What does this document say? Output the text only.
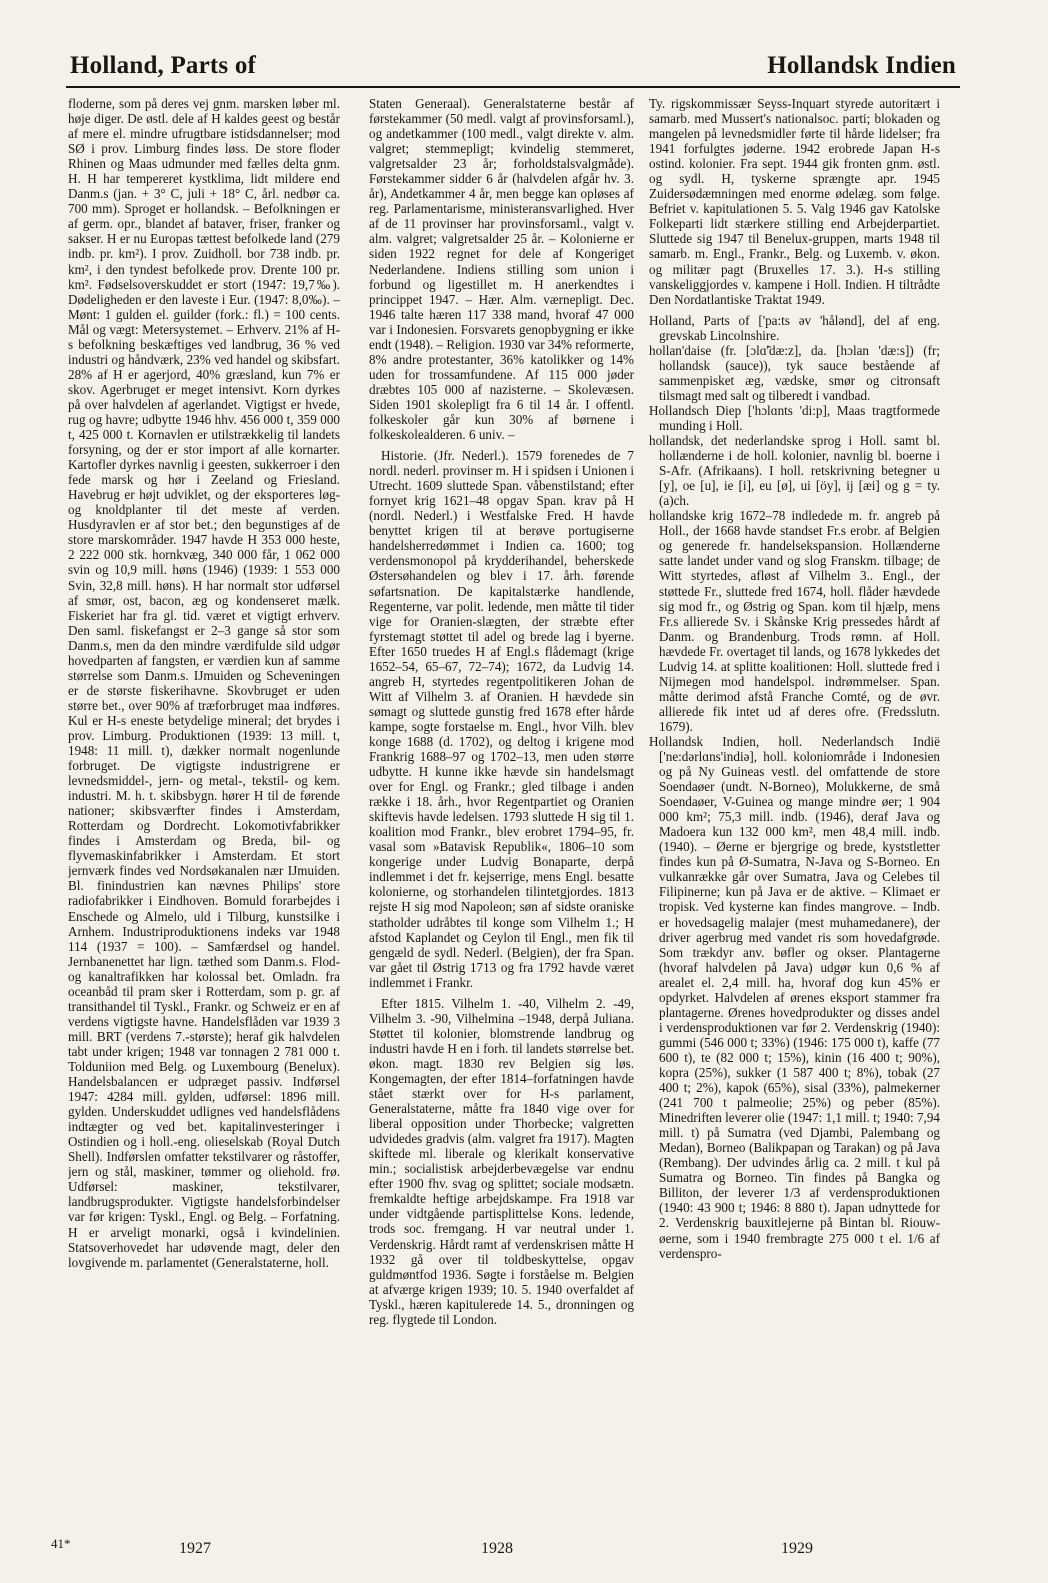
Holland, Parts of	Hollandsk Indien

floderne, som på deres vej gnm. marsken løber ml. høje diger. De østl. dele af H kaldes geest og består af mere el. mindre ufrugtbare istidsdannelser; mod SØ i prov. Limburg findes løss. De store floder Rhinen og Maas udmunder med fælles delta gnm. H. H har tempereret kystklima, lidt mildere end Danm.s (jan. + 3° C, juli + 18° C, årl. nedbør ca. 700 mm). Sproget er hollandsk. – Befolkningen er af germ. opr., blandet af bataver, friser, franker og sakser. H er nu Europas tættest befolkede land (279 indb. pr. km²). I prov. Zuidholl. bor 738 indb. pr. km², i den tyndest befolkede prov. Drente 100 pr. km². Fødselsoverskuddet er stort (1947: 19,7‰). Dødeligheden er den laveste i Eur. (1947: 8,0‰). – Mønt: 1 gulden el. guilder (fork.: fl.) = 100 cents. Mål og vægt: Metersystemet. – Erhverv. 21% af H-s befolkning beskæftiges ved landbrug, 36 % ved industri og håndværk, 23% ved handel og skibsfart. 28% af H er agerjord, 40% græsland, kun 7% er skov. Agerbruget er meget intensivt. Korn dyrkes på over halvdelen af agerlandet. Vigtigst er hvede, rug og havre; udbytte 1946 hhv. 456 000 t, 359 000 t, 425 000 t. Kornavlen er utilstrækkelig til landets forsyning, og der er stor import af alle kornarter. Kartofler dyrkes navnlig i geesten, sukkerroer i den fede marsk og hør i Zeeland og Friesland. Havebrug er højt udviklet, og der eksporteres løg- og knoldplanter til det meste af verden. Husdyravlen er af stor bet.; den begunstiges af de store marskområder. 1947 havde H 353 000 heste, 2 222 000 stk. hornkvæg, 340 000 får, 1 062 000 svin og 10,9 mill. høns (1946) (1939: 1 553 000 Svin, 32,8 mill. høns). H har normalt stor udførsel af smør, ost, bacon, æg og kondenseret mælk. Fiskeriet har fra gl. tid. været et vigtigt erhverv. Den saml. fiskefangst er 2–3 gange så stor som Danm.s, men da den mindre værdifulde sild udgør hovedparten af fangsten, er værdien kun af samme størrelse som Danm.s. IJmuiden og Scheveningen er de største fiskerihavne. Skovbruget er uden større bet., over 90% af træforbruget maa indføres. Kul er H-s eneste betydelige mineral; det brydes i prov. Limburg. Produktionen (1939: 13 mill. t, 1948: 11 mill. t), dækker normalt nogenlunde forbruget. De vigtigste industrigrene er levnedsmiddel-, jern- og metal-, tekstil- og kem. industri. M. h. t. skibsbygn. hører H til de førende nationer; skibsværfter findes i Amsterdam, Rotterdam og Dordrecht. Lokomotivfabrikker findes i Amsterdam og Breda, bil- og flyvemaskinfabrikker i Amsterdam. Et stort jernværk findes ved Nordsøkanalen nær IJmuiden. Bl. finindustrien kan nævnes Philips' store radiofabrikker i Eindhoven. Bomuld forarbejdes i Enschede og Almelo, uld i Tilburg, kunstsilke i Arnhem. Industriproduktionens indeks var 1948 114 (1937 = 100). – Samfærdsel og handel. Jernbanenettet har lign. tæthed som Danm.s. Flod- og kanaltrafikken har kolossal bet. Omladn. fra oceanbåd til pram sker i Rotterdam, som p. gr. af transithandel til Tyskl., Frankr. og Schweiz er en af verdens vigtigste havne. Handelsflåden var 1939 3 mill. BRT (verdens 7.-største); heraf gik halvdelen tabt under krigen; 1948 var tonnagen 2 781 000 t. Tolduniion med Belg. og Luxembourg (Benelux). Handelsbalancen er udpræget passiv. Indførsel 1947: 4284 mill. gylden, udførsel: 1896 mill. gylden. Underskuddet udlignes ved handelsflådens indtægter og ved bet. kapitalinvesteringer i Ostindien og i holl.-eng. olieselskab (Royal Dutch Shell). Indførslen omfatter tekstilvarer og råstoffer, jern og stål, maskiner, tømmer og oliehold. frø. Udførsel: maskiner, tekstilvarer, landbrugsprodukter. Vigtigste handelsforbindelser var før krigen: Tyskl., Engl. og Belg. – Forfatning. H er arveligt monarki, også i kvindelinien. Statsoverhovedet har udøvende magt, deler den lovgivende m. parlamentet (Generalstaterne, holl.

Staten Generaal). Generalstaterne består af førstekammer (50 medl. valgt af provinsforsaml.), og andetkammer (100 medl., valgt direkte v. alm. valgret; stemmepligt; kvindelig stemmeret, valgretsalder 23 år; forholdstalsvalgmåde). Førstekammer sidder 6 år (halvdelen afgår hv. 3. år), Andetkammer 4 år, men begge kan opløses af reg. Parlamentarisme, ministeransvarlighed. Hver af de 11 provinser har provinsforsaml., valgt v. alm. valgret; valgretsalder 25 år. – Kolonierne er siden 1922 regnet for dele af Kongeriget Nederlandene. Indiens stilling som union i forbund og ligestillet m. H anerkendtes i princippet 1947. – Hær. Alm. værnepligt. Dec. 1946 talte hæren 117 338 mand, hvoraf 47 000 var i Indonesien. Forsvarets genopbygning er ikke endt (1948). – Religion. 1930 var 34% reformerte, 8% andre protestanter, 36% katolikker og 14% uden for trossamfundene. Af 115 000 jøder dræbtes 105 000 af nazisterne. – Skolevæsen. Siden 1901 skolepligt fra 6 til 14 år. I offentl. folkeskoler går kun 30% af børnene i folkeskolealderen. 6 univ. –

Historie. (Jfr. Nederl.). 1579 forenedes de 7 nordl. nederl. provinser m. H i spidsen i Unionen i Utrecht. 1609 sluttede Span. våbenstilstand; efter fornyet krig 1621–48 opgav Span. krav på H (nordl. Nederl.) i Westfalske Fred. H havde benyttet krigen til at berøve portugiserne handelsherredømmet i Indien ca. 1600; tog verdensmonopol på krydderihandel, beherskede Østersøhandelen og blev i 17. årh. førende søfartsnation. De kapitalstærke handlende, Regenterne, var polit. ledende, men måtte til tider vige for Oranien-slægten, der stræbte efter fyrstemagt støttet til adel og brede lag i byerne. Efter 1650 truedes H af Engl.s flådemagt (krige 1652–54, 65–67, 72–74); 1672, da Ludvig 14. angreb H, styrtedes regentpolitikeren Johan de Witt af Vilhelm 3. af Oranien. H hævdede sin sømagt og sluttede gunstig fred 1678 efter hårde kampe, sogte forstaelse m. Engl., hvor Vilh. blev konge 1688 (d. 1702), og deltog i krigene mod Frankrig 1688–97 og 1702–13, men uden større udbytte. H kunne ikke hævde sin handelsmagt over for Engl. og Frankr.; gled tilbage i anden række i 18. årh., hvor Regentpartiet og Oranien skiftevis havde ledelsen. 1793 sluttede H sig til 1. koalition mod Frankr., blev erobret 1794–95, fr. vasal som »Batavisk Republik«, 1806–10 som kongerige under Ludvig Bonaparte, derpå indlemmet i det fr. kejserrige, mens Engl. besatte kolonierne, og storhandelen tilintetgjordes. 1813 rejste H sig mod Napoleon; søn af sidste oraniske statholder udråbtes til konge som Vilhelm 1.; H afstod Kaplandet og Ceylon til Engl., men fik til gengæld de sydl. Nederl. (Belgien), der fra Span. var gået til Østrig 1713 og fra 1792 havde været indlemmet i Frankr.

Efter 1815. Vilhelm 1. -40, Vilhelm 2. -49, Vilhelm 3. -90, Vilhelmina –1948, derpå Juliana. Støttet til kolonier, blomstrende landbrug og industri havde H en i forh. til landets størrelse bet. økon. magt. 1830 rev Belgien sig løs. Kongemagten, der efter 1814–forfatningen havde stået stærkt over for H-s parlament, Generalstaterne, måtte fra 1840 vige over for liberal opposition under Thorbecke; valgretten udvidedes gradvis (alm. valgret fra 1917). Magten skiftede ml. liberale og klerikalt konservative min.; socialistisk arbejderbevægelse var endnu efter 1900 fhv. svag og splittet; sociale modsætn. fremkaldte heftige arbejdskampe. Fra 1918 var under vidtgående partisplittelse Kons. ledende, trods soc. fremgang. H var neutral under 1. Verdenskrig. Hårdt ramt af verdenskrisen måtte H 1932 gå over til toldbeskyttelse, opgav guldmøntfod 1936. Søgte i forståelse m. Belgien at afværge krigen 1939; 10. 5. 1940 overfaldet af Tyskl., hæren kapitulerede 14. 5., dronningen og reg. flygtede til London.

Ty. rigskommissær Seyss-Inquart styrede autoritært i samarb. med Mussert's nationalsoc. parti; blokaden og mangelen på levnedsmidler førte til hårde lidelser; fra 1941 forfulgtes jøderne. 1942 erobrede Japan H-s ostind. kolonier. Fra sept. 1944 gik fronten gnm. østl. og sydl. H, tyskerne sprængte apr. 1945 Zuidersødæmningen med enorme ødelæg. som følge. Befriet v. kapitulationen 5. 5. Valg 1946 gav Katolske Folkeparti lidt stærkere stilling end Arbejderpartiet. Sluttede sig 1947 til Benelux-gruppen, marts 1948 til samarb. m. Engl., Frankr., Belg. og Luxemb. v. økon. og militær pagt (Bruxelles 17. 3.). H-s stilling vanskeliggjordes v. kampene i Holl. Indien. H tiltrådte Den Nordatlantiske Traktat 1949.

Holland, Parts of ['pa:ts əv 'hålənd], del af eng. grevskab Lincolnshire.

hollan'daise (fr. [ɔlɑ̃'dæ:z], da. [hɔlan 'dæ:s]) (fr; hollandsk (sauce)), tyk sauce bestående af sammenpisket æg, vædske, smør og citronsaft tilsmagt med salt og tilberedt i vandbad.

Hollandsch Diep ['hɔlɑnts 'di:p], Maas tragtformede munding i Holl.

hollandsk, det nederlandske sprog i Holl. samt bl. hollænderne i de holl. kolonier, navnlig bl. boerne i S-Afr. (Afrikaans). I holl. retskrivning betegner u [y], oe [u], ie [i], eu [ø], ui [öy], ij [æi] og g = ty. (a)ch.

hollandske krig 1672–78 indledede m. fr. angreb på Holl., der 1668 havde standset Fr.s erobr. af Belgien og generede fr. handelsekspansion. Hollænderne satte landet under vand og slog Franskm. tilbage; de Witt styrtedes, afløst af Vilhelm 3.. Engl., der støttede Fr., sluttede fred 1674, holl. flåder hævdede sig mod fr., og Østrig og Span. kom til hjælp, mens Fr.s allierede Sv. i Skånske Krig pressedes hårdt af Danm. og Brandenburg. Trods rømn. af Holl. hævdede Fr. overtaget til lands, og 1678 lykkedes det Ludvig 14. at splitte koalitionen: Holl. sluttede fred i Nijmegen mod handelspol. indrømmelser. Span. måtte derimod afstå Franche Comté, og de øvr. allierede fik intet ud af deres ofre. (Fredsslutn. 1679).

Hollandsk Indien, holl. Nederlandsch Indië ['ne:dərlɑns'indiə], holl. koloniområde i Indonesien og på Ny Guineas vestl. del omfattende de store Soendaøer (undt. N-Borneo), Molukkerne, de små Soendaøer, V-Guinea og mange mindre øer; 1 904 000 km²; 75,3 mill. indb. (1946), deraf Java og Madoera kun 132 000 km², men 48,4 mill. indb. (1940). – Øerne er bjergrige og brede, kyststletter findes kun på Ø-Sumatra, N-Java og S-Borneo. En vulkanrække går over Sumatra, Java og Celebes til Filipinerne; kun på Java er de aktive. – Klimaet er tropisk. Ved kysterne kan findes mangrove. – Indb. er hovedsagelig malajer (mest muhamedanere), der driver agerbrug med vandet ris som hovedafgrøde. Som trækdyr anv. bøfler og okser. Plantagerne (hvoraf halvdelen på Java) udgør kun 0,6 % af arealet el. 2,4 mill. ha, hvoraf dog kun 45% er opdyrket. Halvdelen af ørenes eksport stammer fra plantagerne. Ørenes hovedprodukter og disses andel i verdensproduktionen var før 2. Verdenskrig (1940): gummi (546 000 t; 33%) (1946: 175 000 t), kaffe (77 600 t), te (82 000 t; 15%), kinin (16 400 t; 90%), kopra (25%), sukker (1 587 400 t; 8%), tobak (27 400 t; 2%), kapok (65%), sisal (33%), palmekerner (241 700 t palmeolie; 25%) og peber (85%). Minedriften leverer olie (1947: 1,1 mill. t; 1940: 7,94 mill. t) på Sumatra (ved Djambi, Palembang og Medan), Borneo (Balikpapan og Tarakan) og på Java (Rembang). Der udvindes årlig ca. 2 mill. t kul på Sumatra og Borneo. Tin findes på Bangka og Billiton, der leverer 1/3 af verdensproduktionen (1940: 43 900 t; 1946: 8 880 t). Japan udnyttede for 2. Verdenskrig bauxitlejerne på Bintan bl. Riouw-øerne, som i 1940 frembragte 275 000 t el. 1/6 af verdenspro-

41*	1927	1928	1929
